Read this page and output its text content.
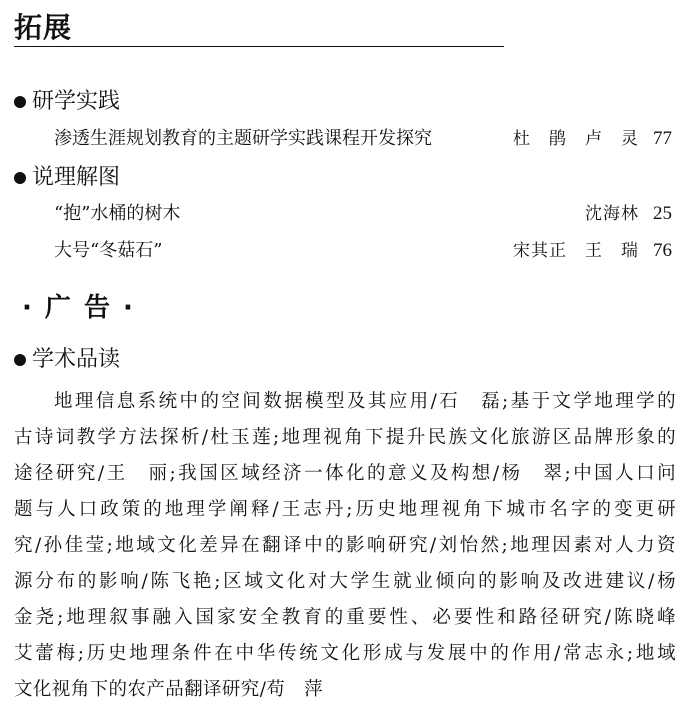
拓展
研学实践
渗透生涯规划教育的主题研学实践课程开发探究	杜　鹃　卢　灵 77
说理解图
“抱”水桶的树木	沈海林 25
大号“冬菇石”	宋其正　王　瑞 76
· 广 告 ·
学术品读
地理信息系统中的空间数据模型及其应用/石　磊;基于文学地理学的
古诗词教学方法探析/杜玉莲;地理视角下提升民族文化旅游区品牌形象的
途径研究/王　丽;我国区域经济一体化的意义及构想/杨　翠;中国人口问
题与人口政策的地理学阐释/王志丹;历史地理视角下城市名字的变更研
究/孙佳莹;地域文化差异在翻译中的影响研究/刘怡然;地理因素对人力资
源分布的影响/陈飞艳;区域文化对大学生就业倾向的影响及改进建议/杨
金尧;地理叙事融入国家安全教育的重要性、必要性和路径研究/陈晓峰
艾蕾梅;历史地理条件在中华传统文化形成与发展中的作用/常志永;地域
文化视角下的农产品翻译研究/苟　萍
